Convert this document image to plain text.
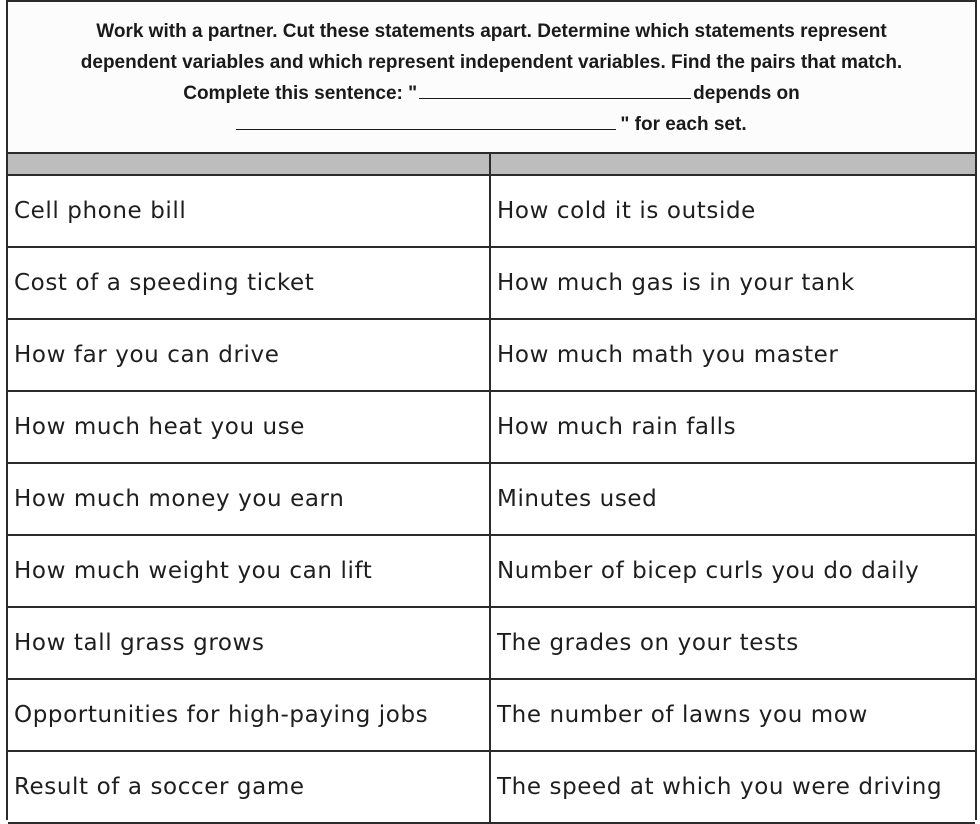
Work with a partner. Cut these statements apart. Determine which statements represent
dependent variables and which represent independent variables. Find the pairs that match.
Complete this sentence: "	depends on
" for each set.
Cell phone bill	How cold it is outside
Cost of a speeding ticket	How much gas is in your tank
How far you can drive	How much math you master
How much heat you use	How much rain falls
How much money you earn	Minutes used
How much weight you can lift	Number of bicep curls you do daily
How tall grass grows	The grades on your tests
Opportunities for high-paying jobs	The number of lawns you mow
Result of a soccer game	The speed at which you were driving
